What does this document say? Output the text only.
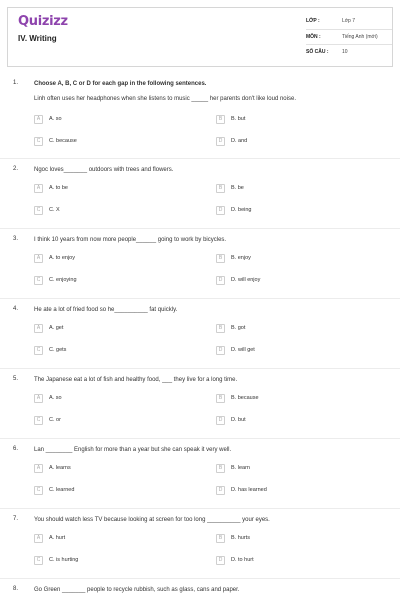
Quizizz
IV. Writing
LỚP :	Lớp 7
MÔN :	Tiếng Anh (mới)
SỐ CÂU :	10
1.	Choose A, B, C or D for each gap in the following sentences.
Linh often uses her headphones when she listens to music _____ her parents don't like loud noise.
A	A. so	B	B. but
C	C. because	D	D. and
2.	Ngoc loves_______ outdoors with trees and flowers.
A	A. to be	B	B. be
C	C. X	D	D. being
3.	I think 10 years from now more people______ going to work by bicycles.
A	A. to enjoy	B	B. enjoy
C	C. enjoying	D	D. will enjoy
4.	He ate a lot of fried food so he__________ fat quickly.
A	A. get	B	B. got
C	C. gets	D	D. will get
5.	The Japanese eat a lot of fish and healthy food, ___ they live for a long time.
A	A. so	B	B. because
C	C. or	D	D. but
6.	Lan ________ English for more than a year but she can speak it very well.
A	A. learns	B	B. learn
C	C. learned	D	D. has learned
7.	You should watch less TV because looking at screen for too long __________ your eyes.
A	A. hurt	B	B. hurts
C	C. is hurting	D	D. to hurt
8.	Go Green _______ people to recycle rubbish, such as glass, cans and paper.
